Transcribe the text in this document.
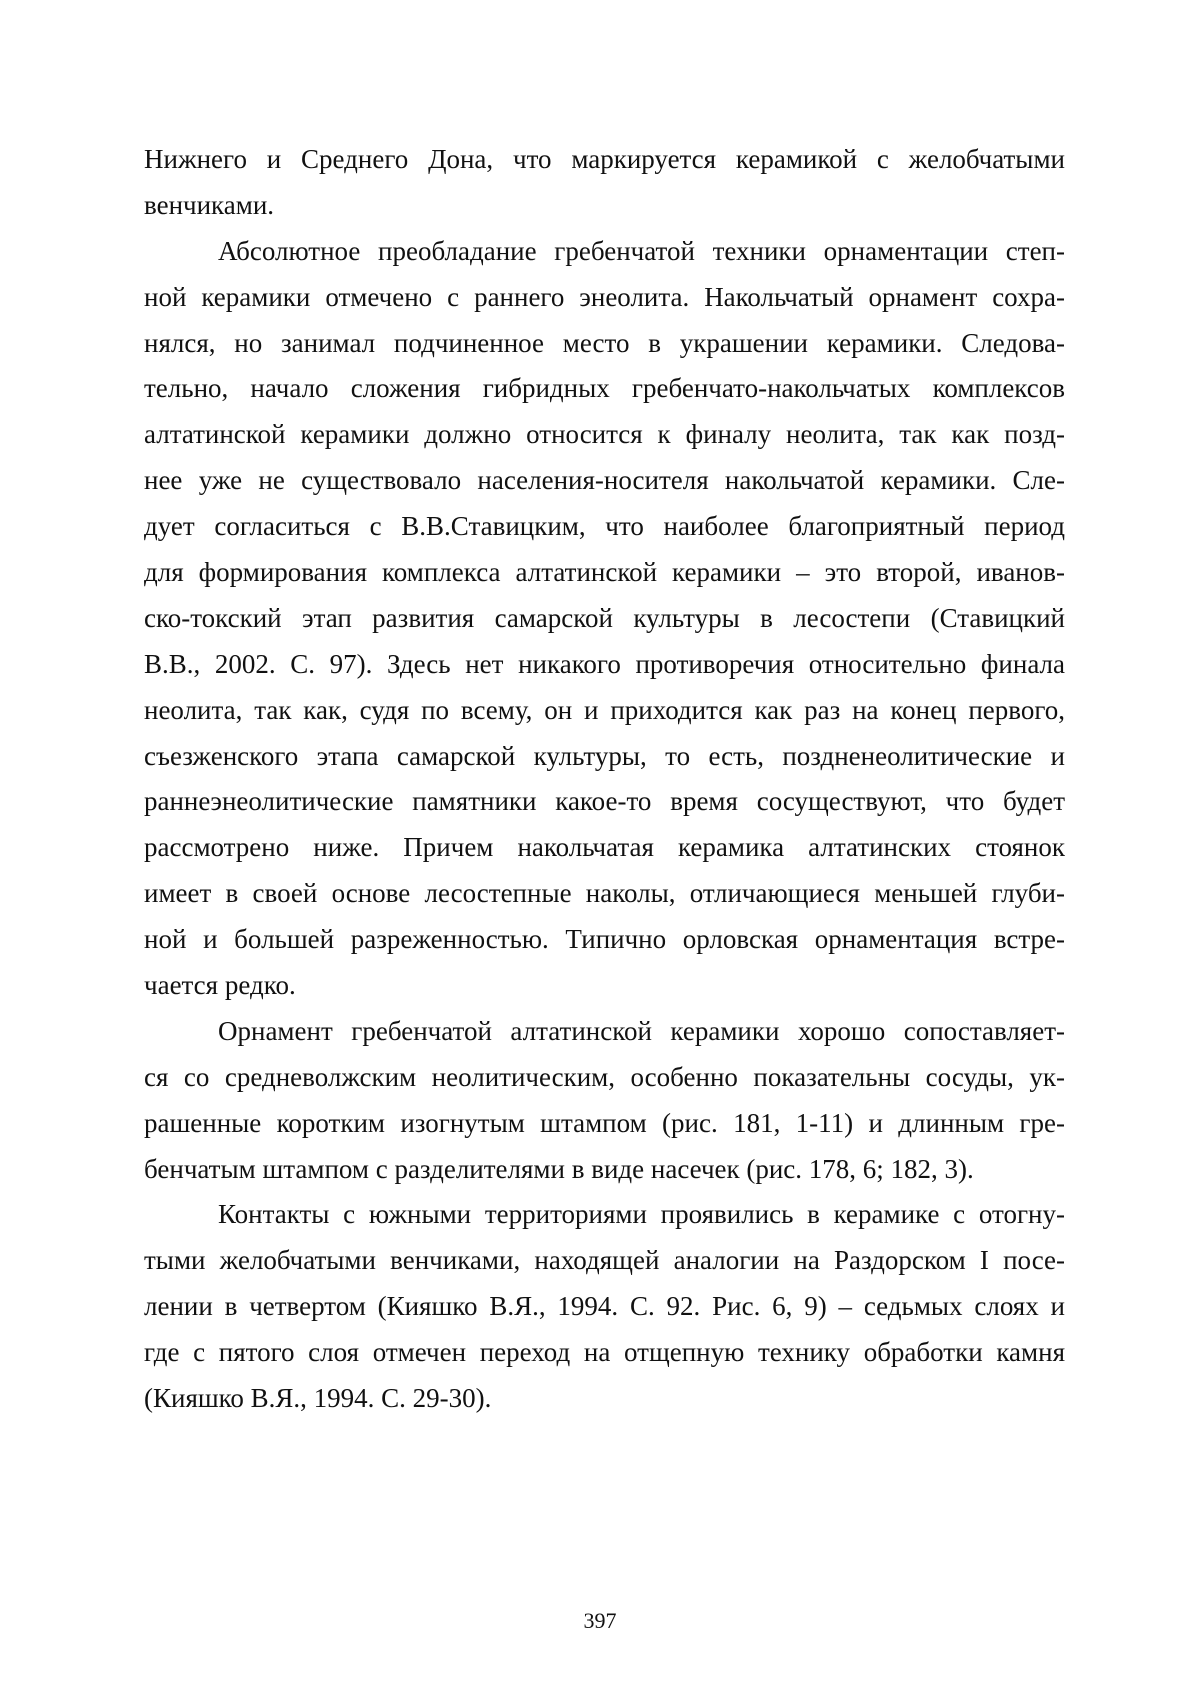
Нижнего и Среднего Дона, что маркируется керамикой с желобчатыми
венчиками.
Абсолютное преобладание гребенчатой техники орнаментации степ-
ной керамики отмечено с раннего энеолита. Накольчатый орнамент сохра-
нялся, но занимал подчиненное место в украшении керамики. Следова-
тельно, начало сложения гибридных гребенчато-накольчатых комплексов
алтатинской керамики должно относится к финалу неолита, так как позд-
нее уже не существовало населения-носителя накольчатой керамики. Сле-
дует согласиться с В.В.Ставицким, что наиболее благоприятный период
для формирования комплекса алтатинской керамики – это второй, иванов-
ско-токский этап развития самарской культуры в лесостепи (Ставицкий
В.В., 2002. С. 97). Здесь нет никакого противоречия относительно финала
неолита, так как, судя по всему, он и приходится как раз на конец первого,
съезженского этапа самарской культуры, то есть, поздненеолитические и
раннеэнеолитические памятники какое-то время сосуществуют, что будет
рассмотрено ниже. Причем накольчатая керамика алтатинских стоянок
имеет в своей основе лесостепные наколы, отличающиеся меньшей глуби-
ной и большей разреженностью. Типично орловская орнаментация встре-
чается редко.
Орнамент гребенчатой алтатинской керамики хорошо сопоставляет-
ся со средневолжским неолитическим, особенно показательны сосуды, ук-
рашенные коротким изогнутым штампом (рис. 181, 1-11) и длинным гре-
бенчатым штампом с разделителями в виде насечек (рис. 178, 6; 182, 3).
Контакты с южными территориями проявились в керамике с отогну-
тыми желобчатыми венчиками, находящей аналогии на Раздорском I посе-
лении в четвертом (Кияшко В.Я., 1994. С. 92. Рис. 6, 9) – седьмых слоях и
где с пятого слоя отмечен переход на отщепную технику обработки камня
(Кияшко В.Я., 1994. С. 29-30).
397
